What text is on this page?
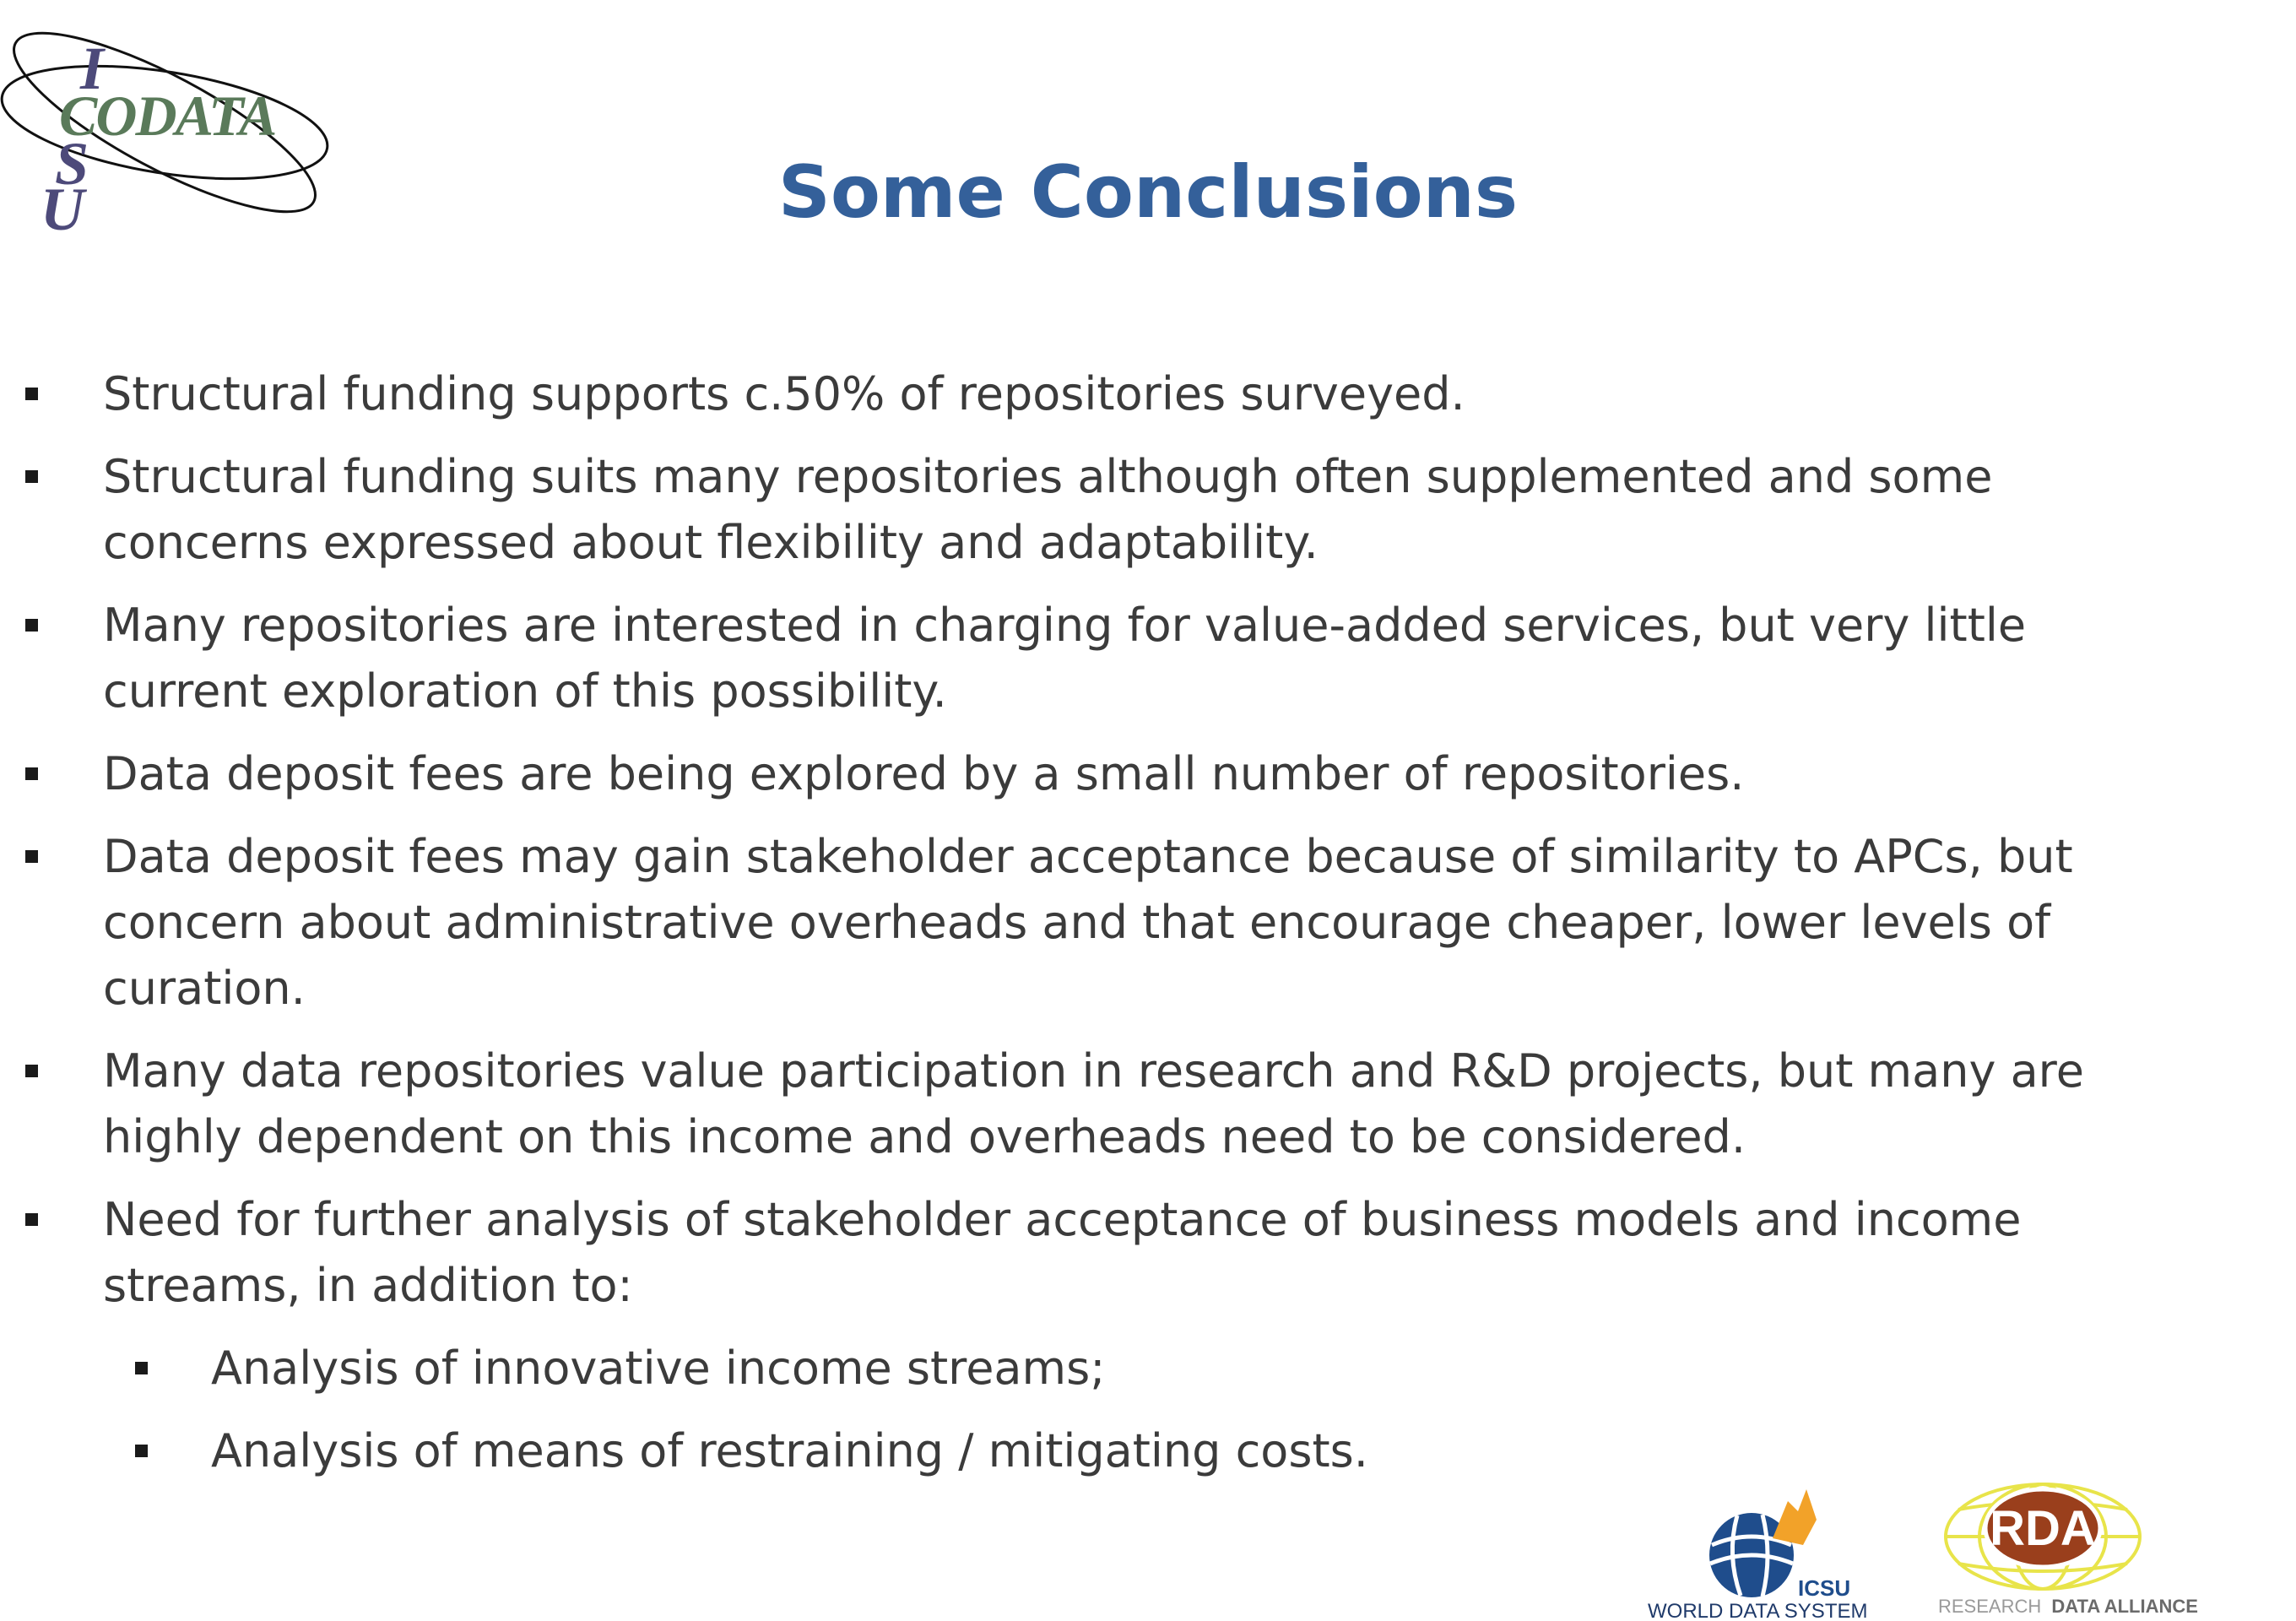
I
CODATA
S
U	Some Conclusions
Structural funding supports c.50% of repositories surveyed.
Structural funding suits many repositories although often supplemented and some concerns expressed about flexibility and adaptability.
Many repositories are interested in charging for value-added services, but very little current exploration of this possibility.
Data deposit fees are being explored by a small number of repositories.
Data deposit fees may gain stakeholder acceptance because of similarity to APCs, but concern about administrative overheads and that encourage cheaper, lower levels of curation.
Many data repositories value participation in research and R&D projects, but many are highly dependent on this income and overheads need to be considered.
Need for further analysis of stakeholder acceptance of business models and income streams, in addition to:
Analysis of innovative income streams;
Analysis of means of restraining / mitigating costs.
ICSU
WORLD DATA SYSTEM
RDA
RESEARCH DATA ALLIANCE
